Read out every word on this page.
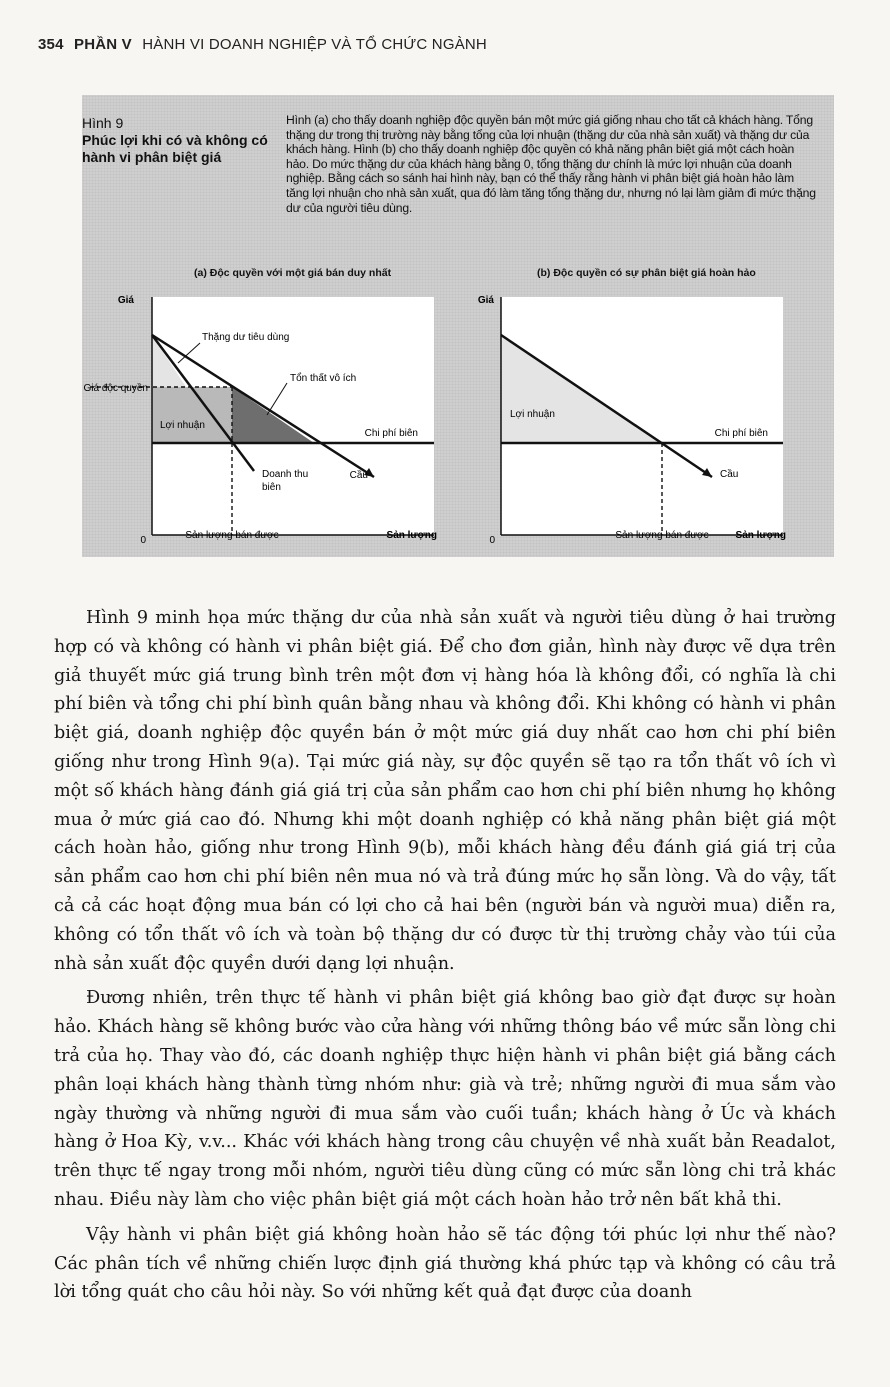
354 PHẦN V HÀNH VI DOANH NGHIỆP VÀ TỔ CHỨC NGÀNH
Hình 9
Phúc lợi khi có và không có hành vi phân biệt giá
Hình (a) cho thấy doanh nghiệp độc quyền bán một mức giá giống nhau cho tất cả khách hàng. Tổng thặng dư trong thị trường này bằng tổng của lợi nhuận (thặng dư của nhà sản xuất) và thặng dư của khách hàng. Hình (b) cho thấy doanh nghiệp độc quyền có khả năng phân biệt giá một cách hoàn hảo. Do mức thặng dư của khách hàng bằng 0, tổng thặng dư chính là mức lợi nhuận của doanh nghiệp. Bằng cách so sánh hai hình này, bạn có thể thấy rằng hành vi phân biệt giá hoàn hảo làm tăng lợi nhuận cho nhà sản xuất, qua đó làm tăng tổng thặng dư, nhưng nó lại làm giảm đi mức thặng dư của người tiêu dùng.
(a) Độc quyền với một giá bán duy nhất	(b) Độc quyền có sự phân biệt giá hoàn hảo
Giá
0	Sản lượng
Sản lượng bán được
Giá độc quyền
Thặng dư tiêu dùng
Tổn thất vô ích
Lợi nhuận
Chi phí biên
Doanh thu
biên
Cầu
Giá
0	Sản lượng
Sản lượng bán được
Lợi nhuận
Chi phí biên
Cầu

Hình 9 minh họa mức thặng dư của nhà sản xuất và người tiêu dùng ở hai trường hợp có và không có hành vi phân biệt giá. Để cho đơn giản, hình này được vẽ dựa trên giả thuyết mức giá trung bình trên một đơn vị hàng hóa là không đổi, có nghĩa là chi phí biên và tổng chi phí bình quân bằng nhau và không đổi. Khi không có hành vi phân biệt giá, doanh nghiệp độc quyền bán ở một mức giá duy nhất cao hơn chi phí biên giống như trong Hình 9(a). Tại mức giá này, sự độc quyền sẽ tạo ra tổn thất vô ích vì một số khách hàng đánh giá giá trị của sản phẩm cao hơn chi phí biên nhưng họ không mua ở mức giá cao đó. Nhưng khi một doanh nghiệp có khả năng phân biệt giá một cách hoàn hảo, giống như trong Hình 9(b), mỗi khách hàng đều đánh giá giá trị của sản phẩm cao hơn chi phí biên nên mua nó và trả đúng mức họ sẵn lòng. Và do vậy, tất cả cả các hoạt động mua bán có lợi cho cả hai bên (người bán và người mua) diễn ra, không có tổn thất vô ích và toàn bộ thặng dư có được từ thị trường chảy vào túi của nhà sản xuất độc quyền dưới dạng lợi nhuận.

Đương nhiên, trên thực tế hành vi phân biệt giá không bao giờ đạt được sự hoàn hảo. Khách hàng sẽ không bước vào cửa hàng với những thông báo về mức sẵn lòng chi trả của họ. Thay vào đó, các doanh nghiệp thực hiện hành vi phân biệt giá bằng cách phân loại khách hàng thành từng nhóm như: già và trẻ; những người đi mua sắm vào ngày thường và những người đi mua sắm vào cuối tuần; khách hàng ở Úc và khách hàng ở Hoa Kỳ, v.v... Khác với khách hàng trong câu chuyện về nhà xuất bản Readalot, trên thực tế ngay trong mỗi nhóm, người tiêu dùng cũng có mức sẵn lòng chi trả khác nhau. Điều này làm cho việc phân biệt giá một cách hoàn hảo trở nên bất khả thi.

Vậy hành vi phân biệt giá không hoàn hảo sẽ tác động tới phúc lợi như thế nào? Các phân tích về những chiến lược định giá thường khá phức tạp và không có câu trả lời tổng quát cho câu hỏi này. So với những kết quả đạt được của doanh
